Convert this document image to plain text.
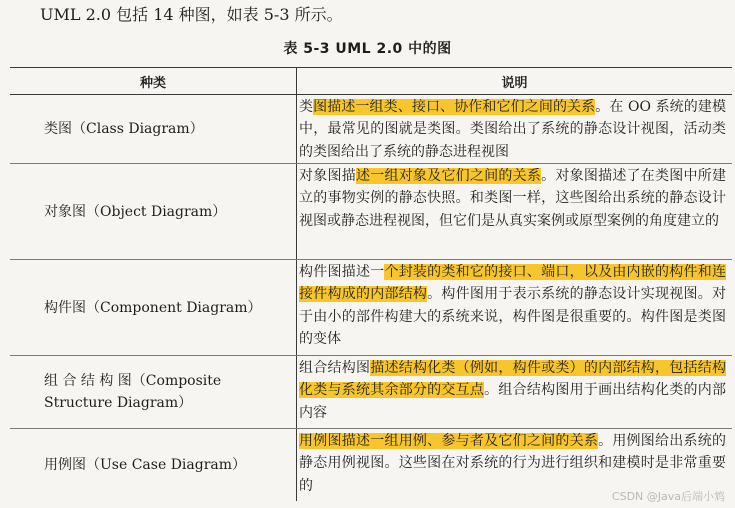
UML 2.0 包括 14 种图，如表 5-3 所示。
表 5-3 UML 2.0 中的图
种类	说明
类图（Class Diagram）
类图描述一组类、接口、协作和它们之间的关系。在 OO 系统的建模中，最常见的图就是类图。类图给出了系统的静态设计视图，活动类的类图给出了系统的静态进程视图
对象图（Object Diagram）
对象图描述一组对象及它们之间的关系。对象图描述了在类图中所建立的事物实例的静态快照。和类图一样，这些图给出系统的静态设计视图或静态进程视图，但它们是从真实案例或原型案例的角度建立的
构件图（Component Diagram）
构件图描述一个封装的类和它的接口、端口，以及由内嵌的构件和连接件构成的内部结构。构件图用于表示系统的静态设计实现视图。对于由小的部件构建大的系统来说，构件图是很重要的。构件图是类图的变体
组 合 结 构 图（Composite Structure Diagram）
组合结构图描述结构化类（例如，构件或类）的内部结构，包括结构化类与系统其余部分的交互点。组合结构图用于画出结构化类的内部内容
用例图（Use Case Diagram）
用例图描述一组用例、参与者及它们之间的关系。用例图给出系统的静态用例视图。这些图在对系统的行为进行组织和建模时是非常重要的
CSDN @Java后端小鸩
